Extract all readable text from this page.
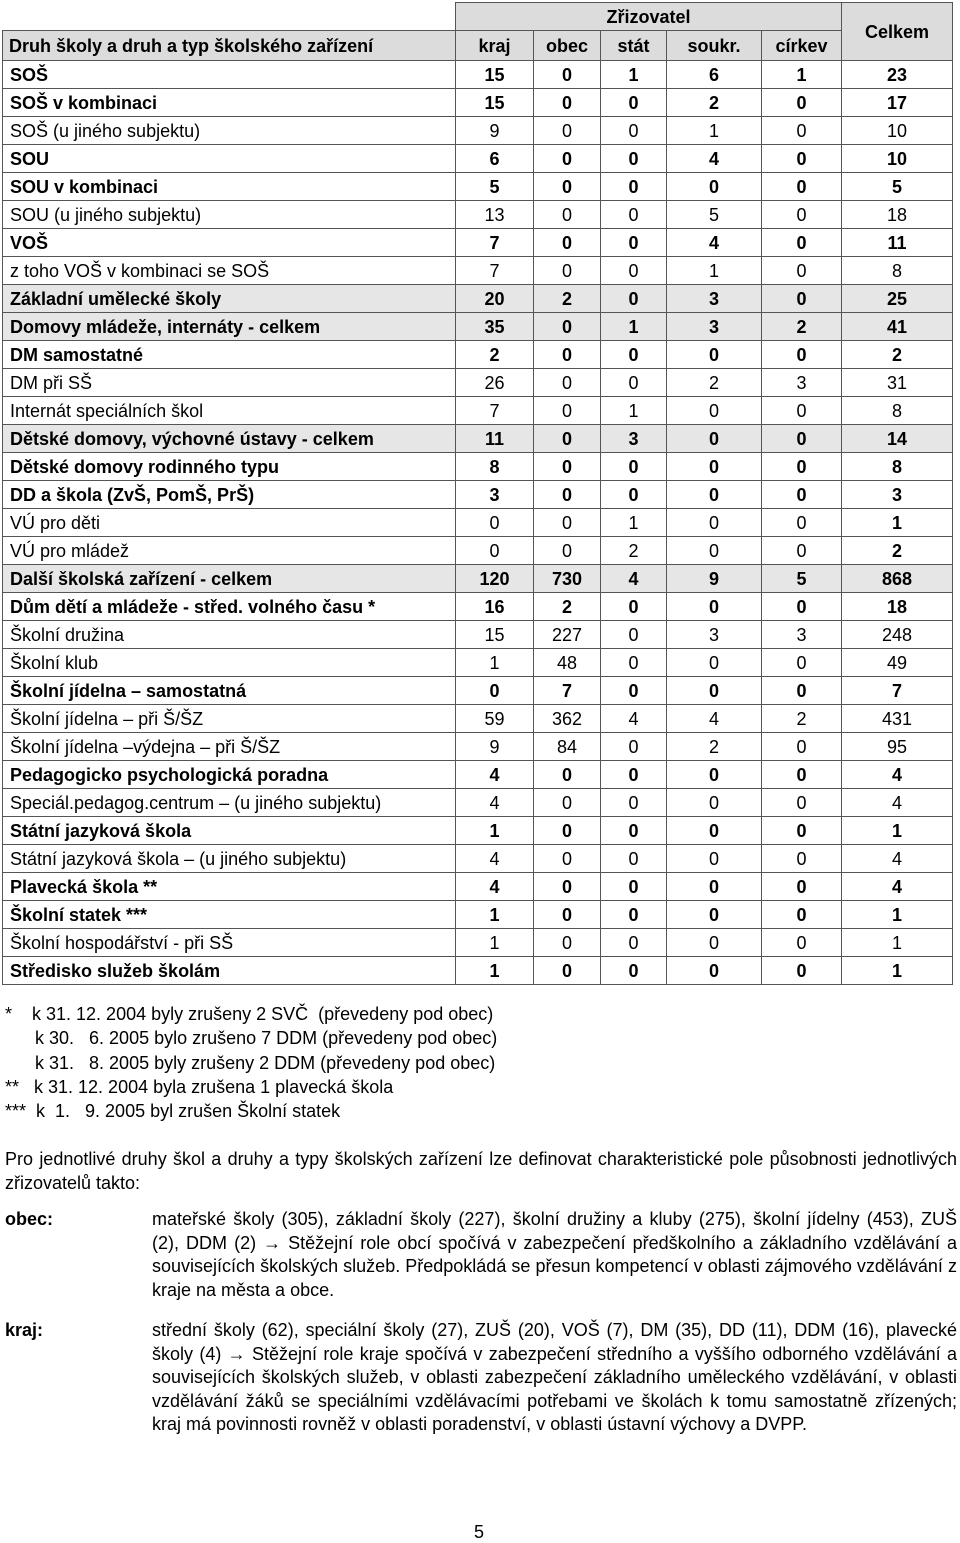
	Zřizovatel					Celkem
Druh školy a druh a typ školského zařízení	kraj	obec	stát	soukr.	církev	
SOŠ	15	0	1	6	1	23
SOŠ v kombinaci	15	0	0	2	0	17
SOŠ (u jiného subjektu)	9	0	0	1	0	10
SOU	6	0	0	4	0	10
SOU v kombinaci	5	0	0	0	0	5
SOU (u jiného subjektu)	13	0	0	5	0	18
VOŠ	7	0	0	4	0	11
z toho VOŠ v kombinaci se SOŠ	7	0	0	1	0	8
Základní umělecké školy	20	2	0	3	0	25
Domovy mládeže, internáty - celkem	35	0	1	3	2	41
DM samostatné	2	0	0	0	0	2
DM při SŠ	26	0	0	2	3	31
Internát speciálních škol	7	0	1	0	0	8
Dětské domovy, výchovné ústavy - celkem	11	0	3	0	0	14
Dětské domovy rodinného typu	8	0	0	0	0	8
DD a škola (ZvŠ, PomŠ, PrŠ)	3	0	0	0	0	3
VÚ pro děti	0	0	1	0	0	1
VÚ pro mládež	0	0	2	0	0	2
Další školská zařízení - celkem	120	730	4	9	5	868
Dům dětí a mládeže - střed. volného času *	16	2	0	0	0	18
Školní družina	15	227	0	3	3	248
Školní klub	1	48	0	0	0	49
Školní jídelna – samostatná	0	7	0	0	0	7
Školní jídelna – při Š/ŠZ	59	362	4	4	2	431
Školní jídelna –výdejna – při Š/ŠZ	9	84	0	2	0	95
Pedagogicko psychologická poradna	4	0	0	0	0	4
Speciál.pedagog.centrum – (u jiného subjektu)	4	0	0	0	0	4
Státní jazyková škola	1	0	0	0	0	1
Státní jazyková škola – (u jiného subjektu)	4	0	0	0	0	4
Plavecká škola **	4	0	0	0	0	4
Školní statek ***	1	0	0	0	0	1
Školní hospodářství - při SŠ	1	0	0	0	0	1
Středisko služeb školám	1	0	0	0	0	1
*    k 31. 12. 2004 byly zrušeny 2 SVČ  (převedeny pod obec)
k 30.   6. 2005 bylo zrušeno 7 DDM (převedeny pod obec)
k 31.   8. 2005 byly zrušeny 2 DDM (převedeny pod obec)
**   k 31. 12. 2004 byla zrušena 1 plavecká škola
***  k  1.   9. 2005 byl zrušen Školní statek
Pro jednotlivé druhy škol a druhy a typy školských zařízení lze definovat charakteristické pole působnosti jednotlivých zřizovatelů takto:
obec:	mateřské školy (305), základní školy (227), školní družiny a kluby (275), školní jídelny (453), ZUŠ (2), DDM (2) → Stěžejní role obcí spočívá v zabezpečení předškolního a základního vzdělávání a souvisejících školských služeb. Předpokládá se přesun kompetencí v oblasti zájmového vzdělávání z kraje na města a obce.
kraj:	střední školy (62), speciální školy (27), ZUŠ (20), VOŠ (7), DM (35), DD (11), DDM (16), plavecké školy (4) → Stěžejní role kraje spočívá v zabezpečení středního a vyššího odborného vzdělávání a souvisejících školských služeb, v oblasti zabezpečení základního uměleckého vzdělávání, v oblasti vzdělávání žáků se speciálními vzdělávacími potřebami ve školách k tomu samostatně zřízených; kraj má povinnosti rovněž v oblasti poradenství, v oblasti ústavní výchovy a DVPP.
5
